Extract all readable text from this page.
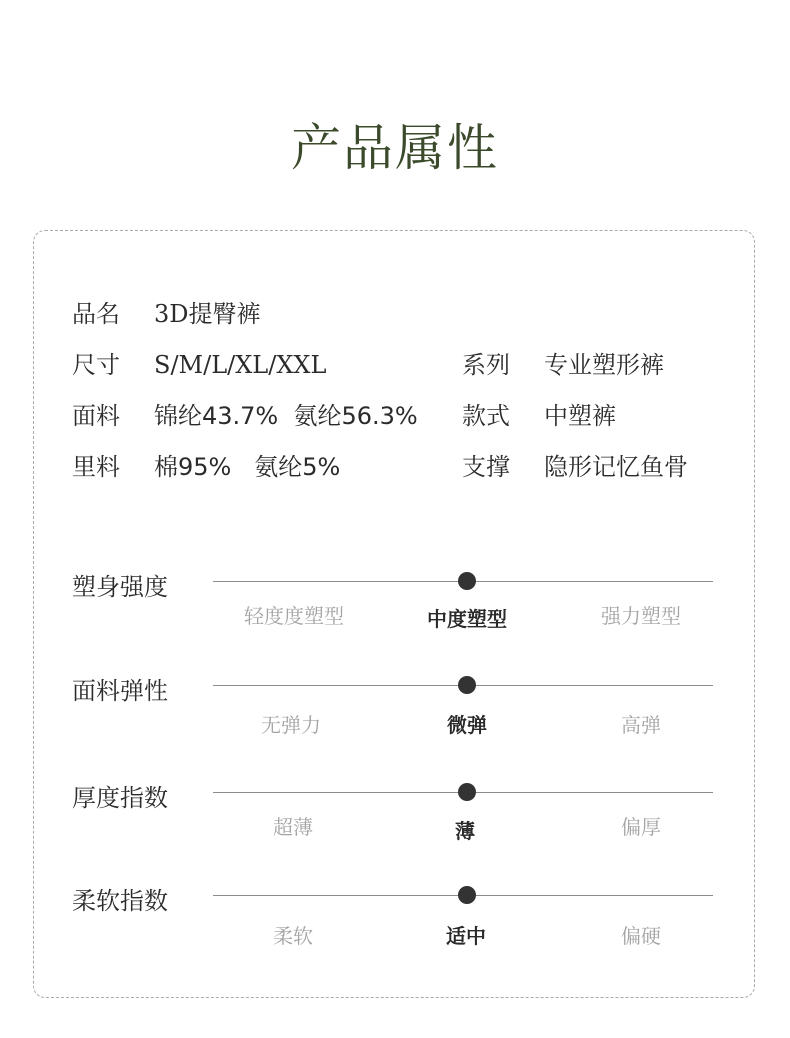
产品属性
品名 3D提臀裤
尺寸 S/M/L/XL/XXL	系列 专业塑形裤
面料 锦纶43.7%  氨纶56.3% 款式 中塑裤
里料 棉95%   氨纶5%	支撑 隐形记忆鱼骨
塑身强度
轻度度塑型	中度塑型	强力塑型
面料弹性
无弹力	微弹	高弹
厚度指数
超薄	薄	偏厚
柔软指数
柔软	适中	偏硬
